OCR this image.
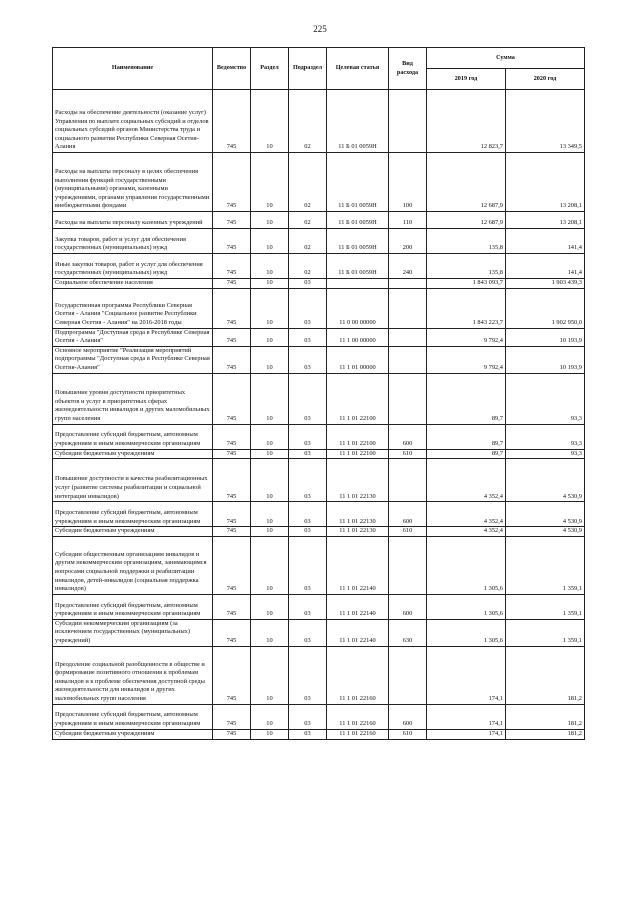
225
Наименование	Ведомство	Раздел	Подраздел	Целевая статья	Вид расхода	Сумма	
						2019 год	2020 год
Расходы на обеспечение деятельности (оказание услуг) Управления по выплате социальных субсидий и отделов социальных субсидий органов Министерства труда и социального развития Республики Северная Осетия-Алания	745	10	02	11 Б 01 0059Н		12 823,7	13 349,5
Расходы на выплаты персоналу в целях обеспечения выполнения функций государственными (муниципальными) органами, казенными учреждениями, органами управления государственными внебюджетными фондами	745	10	02	11 Б 01 0059Н	100	12 687,9	13 208,1
Расходы на выплаты персоналу казенных учреждений	745	10	02	11 Б 01 0059Н	110	12 687,9	13 208,1
Закупка товаров, работ и услуг для обеспечения государственных (муниципальных) нужд	745	10	02	11 Б 01 0059Н	200	135,8	141,4
Иные закупки товаров, работ и услуг для обеспечения государственных (муниципальных) нужд	745	10	02	11 Б 01 0059Н	240	135,8	141,4
Социальное обеспечение населения	745	10	03			1 843 093,7	1 903 439,3
Государственная программа Республики Северная Осетия - Алания "Социальное развитие Республики Северная Осетия - Алания" на 2016-2018 годы	745	10	03	11 0 00 00000		1 843 223,7	1 902 950,0
Подпрограмма "Доступная среда в Республике Северная Осетия - Алания"	745	10	03	11 1 00 00000		9 792,4	10 193,9
Основное мероприятие "Реализация мероприятий подпрограммы "Доступная среда в Республике Северная Осетия-Алания"	745	10	03	11 1 01 00000		9 792,4	10 193,9
Повышение уровня доступности приоритетных объектов и услуг в приоритетных сферах жизнедеятельности инвалидов и других маломобильных групп населения	745	10	03	11 1 01 22100		89,7	93,3
Предоставление субсидий бюджетным, автономным учреждениям и иным некоммерческим организациям	745	10	03	11 1 01 22100	600	89,7	93,3
Субсидии бюджетным учреждениям	745	10	03	11 1 01 22100	610	89,7	93,3
Повышение доступности и качества реабилитационных услуг (развитие системы реабилитации и социальной интеграции инвалидов)	745	10	03	11 1 01 22130		4 352,4	4 530,9
Предоставление субсидий бюджетным, автономным учреждениям и иным некоммерческим организациям	745	10	03	11 1 01 22130	600	4 352,4	4 530,9
Субсидии бюджетным учреждениям	745	10	03	11 1 01 22130	610	4 352,4	4 530,9
Субсидии общественным организациям инвалидов и другим некоммерческим организациям, занимающимся вопросами социальной поддержки и реабилитации инвалидов, детей-инвалидов (социальная поддержка инвалидов)	745	10	03	11 1 01 22140		1 305,6	1 359,1
Предоставление субсидий бюджетным, автономным учреждениям и иным некоммерческим организациям	745	10	03	11 1 01 22140	600	1 305,6	1 359,1
Субсидии некоммерческим организациям (за исключением государственных (муниципальных) учреждений)	745	10	03	11 1 01 22140	630	1 305,6	1 359,1
Преодоление социальной разобщенности в обществе и формирование позитивного отношения к проблемам инвалидов и к проблеме обеспечения доступной среды жизнедеятельности для инвалидов и других маломобильных групп населения	745	10	03	11 1 01 22160		174,1	181,2
Предоставление субсидий бюджетным, автономным учреждениям и иным некоммерческим организациям	745	10	03	11 1 01 22160	600	174,1	181,2
Субсидии бюджетным учреждениям	745	10	03	11 1 01 22160	610	174,1	181,2
